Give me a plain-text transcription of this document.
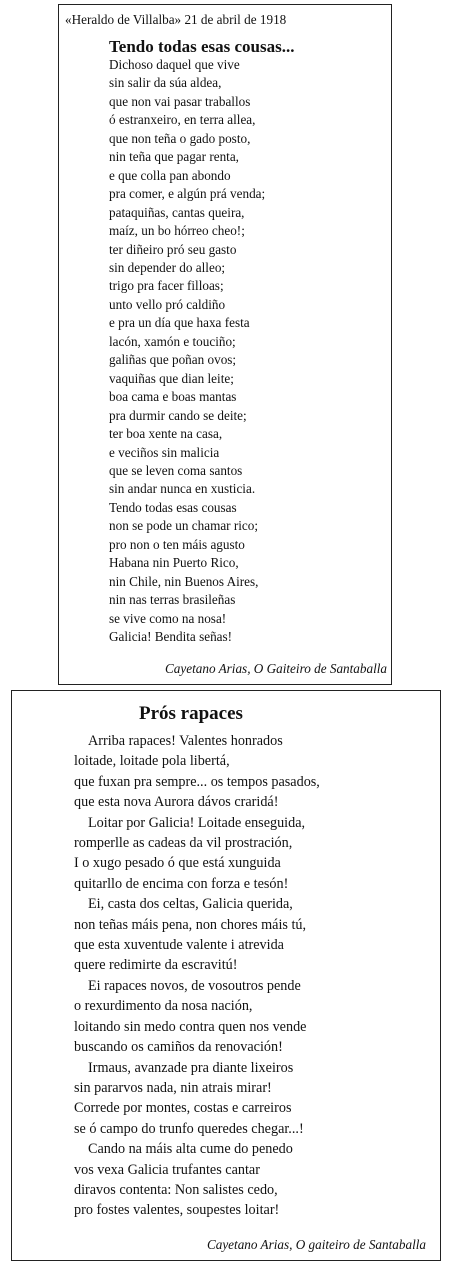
«Heraldo de Villalba» 21 de abril de 1918
Tendo todas esas cousas...
Dichoso daquel que vive
sin salir da súa aldea,
que non vai pasar traballos
ó estranxeiro, en terra allea,
que non teña o gado posto,
nin teña que pagar renta,
e que colla pan abondo
pra comer, e algún prá venda;
pataquiñas, cantas queira,
maíz, un bo hórreo cheo!;
ter diñeiro pró seu gasto
sin depender do alleo;
trigo pra facer filloas;
unto vello pró caldiño
e pra un día que haxa festa
lacón, xamón e touciño;
galiñas que poñan ovos;
vaquiñas que dian leite;
boa cama e boas mantas
pra durmir cando se deite;
ter boa xente na casa,
e veciños sin malicia
que se leven coma santos
sin andar nunca en xusticia.
Tendo todas esas cousas
non se pode un chamar rico;
pro non o ten máis agusto
Habana nin Puerto Rico,
nin Chile, nin Buenos Aires,
nin nas terras brasileñas
se vive como na nosa!
Galicia! Bendita señas!
Cayetano Arias, O Gaiteiro de Santaballa
Prós rapaces
Arriba rapaces! Valentes honrados
loitade, loitade pola libertá,
que fuxan pra sempre... os tempos pasados,
que esta nova Aurora dávos craridá!
Loitar por Galicia! Loitade enseguida,
romperlle as cadeas da vil prostración,
I o xugo pesado ó que está xunguida
quitarllo de encima con forza e tesón!
Ei, casta dos celtas, Galicia querida,
non teñas máis pena, non chores máis tú,
que esta xuventude valente i atrevida
quere redimirte da escravitú!
Ei rapaces novos, de vosoutros pende
o rexurdimento da nosa nación,
loitando sin medo contra quen nos vende
buscando os camiños da renovación!
Irmaus, avanzade pra diante lixeiros
sin pararvos nada, nin atrais mirar!
Correde por montes, costas e carreiros
se ó campo do trunfo queredes chegar...!
Cando na máis alta cume do penedo
vos vexa Galicia trufantes cantar
diravos contenta: Non salistes cedo,
pro fostes valentes, soupestes loitar!
Cayetano Arias, O gaiteiro de Santaballa
